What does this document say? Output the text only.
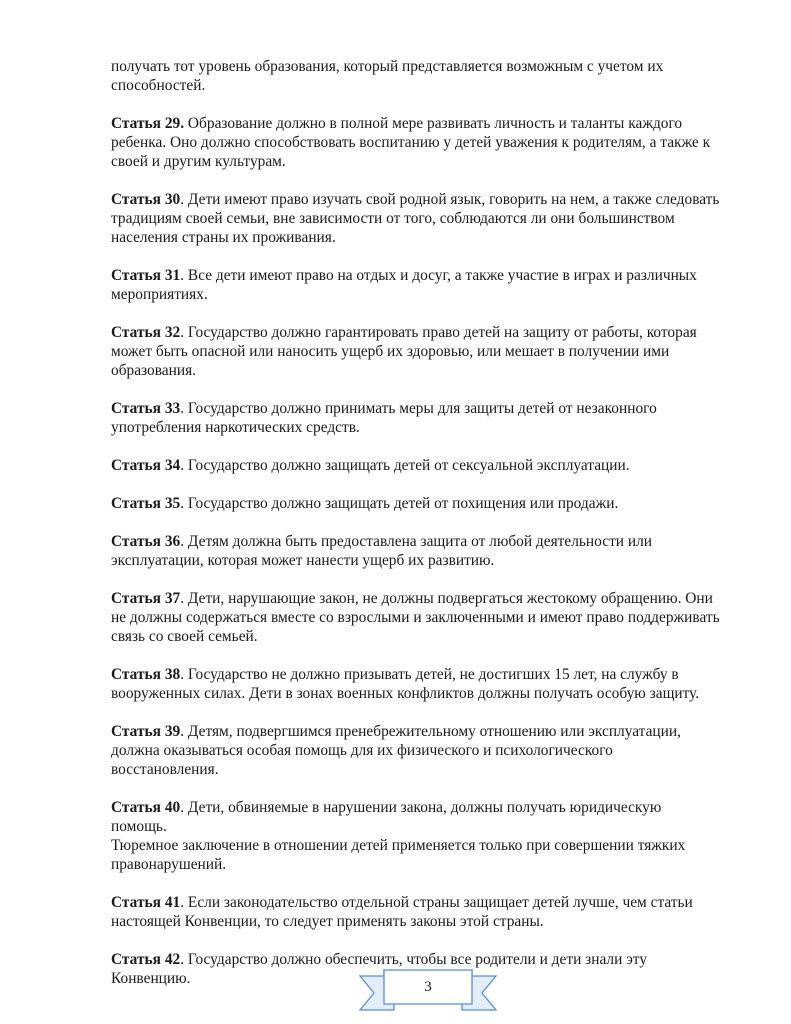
получать тот уровень образования, который представляется возможным с учетом их
способностей.

Статья 29. Образование должно в полной мере развивать личность и таланты каждого
ребенка. Оно должно способствовать воспитанию у детей уважения к родителям, а также к
своей и другим культурам.

Статья 30. Дети имеют право изучать свой родной язык, говорить на нем, а также следовать
традициям своей семьи, вне зависимости от того, соблюдаются ли они большинством
населения страны их проживания.

Статья 31. Все дети имеют право на отдых и досуг, а также участие в играх и различных
мероприятиях.

Статья 32. Государство должно гарантировать право детей на защиту от работы, которая
может быть опасной или наносить ущерб их здоровью, или мешает в получении ими
образования.

Статья 33. Государство должно принимать меры для защиты детей от незаконного
употребления наркотических средств.

Статья 34. Государство должно защищать детей от сексуальной эксплуатации.

Статья 35. Государство должно защищать детей от похищения или продажи.

Статья 36. Детям должна быть предоставлена защита от любой деятельности или
эксплуатации, которая может нанести ущерб их развитию.

Статья 37. Дети, нарушающие закон, не должны подвергаться жестокому обращению. Они
не должны содержаться вместе со взрослыми и заключенными и имеют право поддерживать
связь со своей семьей.

Статья 38. Государство не должно призывать детей, не достигших 15 лет, на службу в
вооруженных силах. Дети в зонах военных конфликтов должны получать особую защиту.

Статья 39. Детям, подвергшимся пренебрежительному отношению или эксплуатации,
должна оказываться особая помощь для их физического и психологического восстановления.

Статья 40. Дети, обвиняемые в нарушении закона, должны получать юридическую помощь.
Тюремное заключение в отношении детей применяется только при совершении тяжких
правонарушений.

Статья 41. Если законодательство отдельной страны защищает детей лучше, чем статьи
настоящей Конвенции, то следует применять законы этой страны.

Статья 42. Государство должно обеспечить, чтобы все родители и дети знали эту
Конвенцию.	3
